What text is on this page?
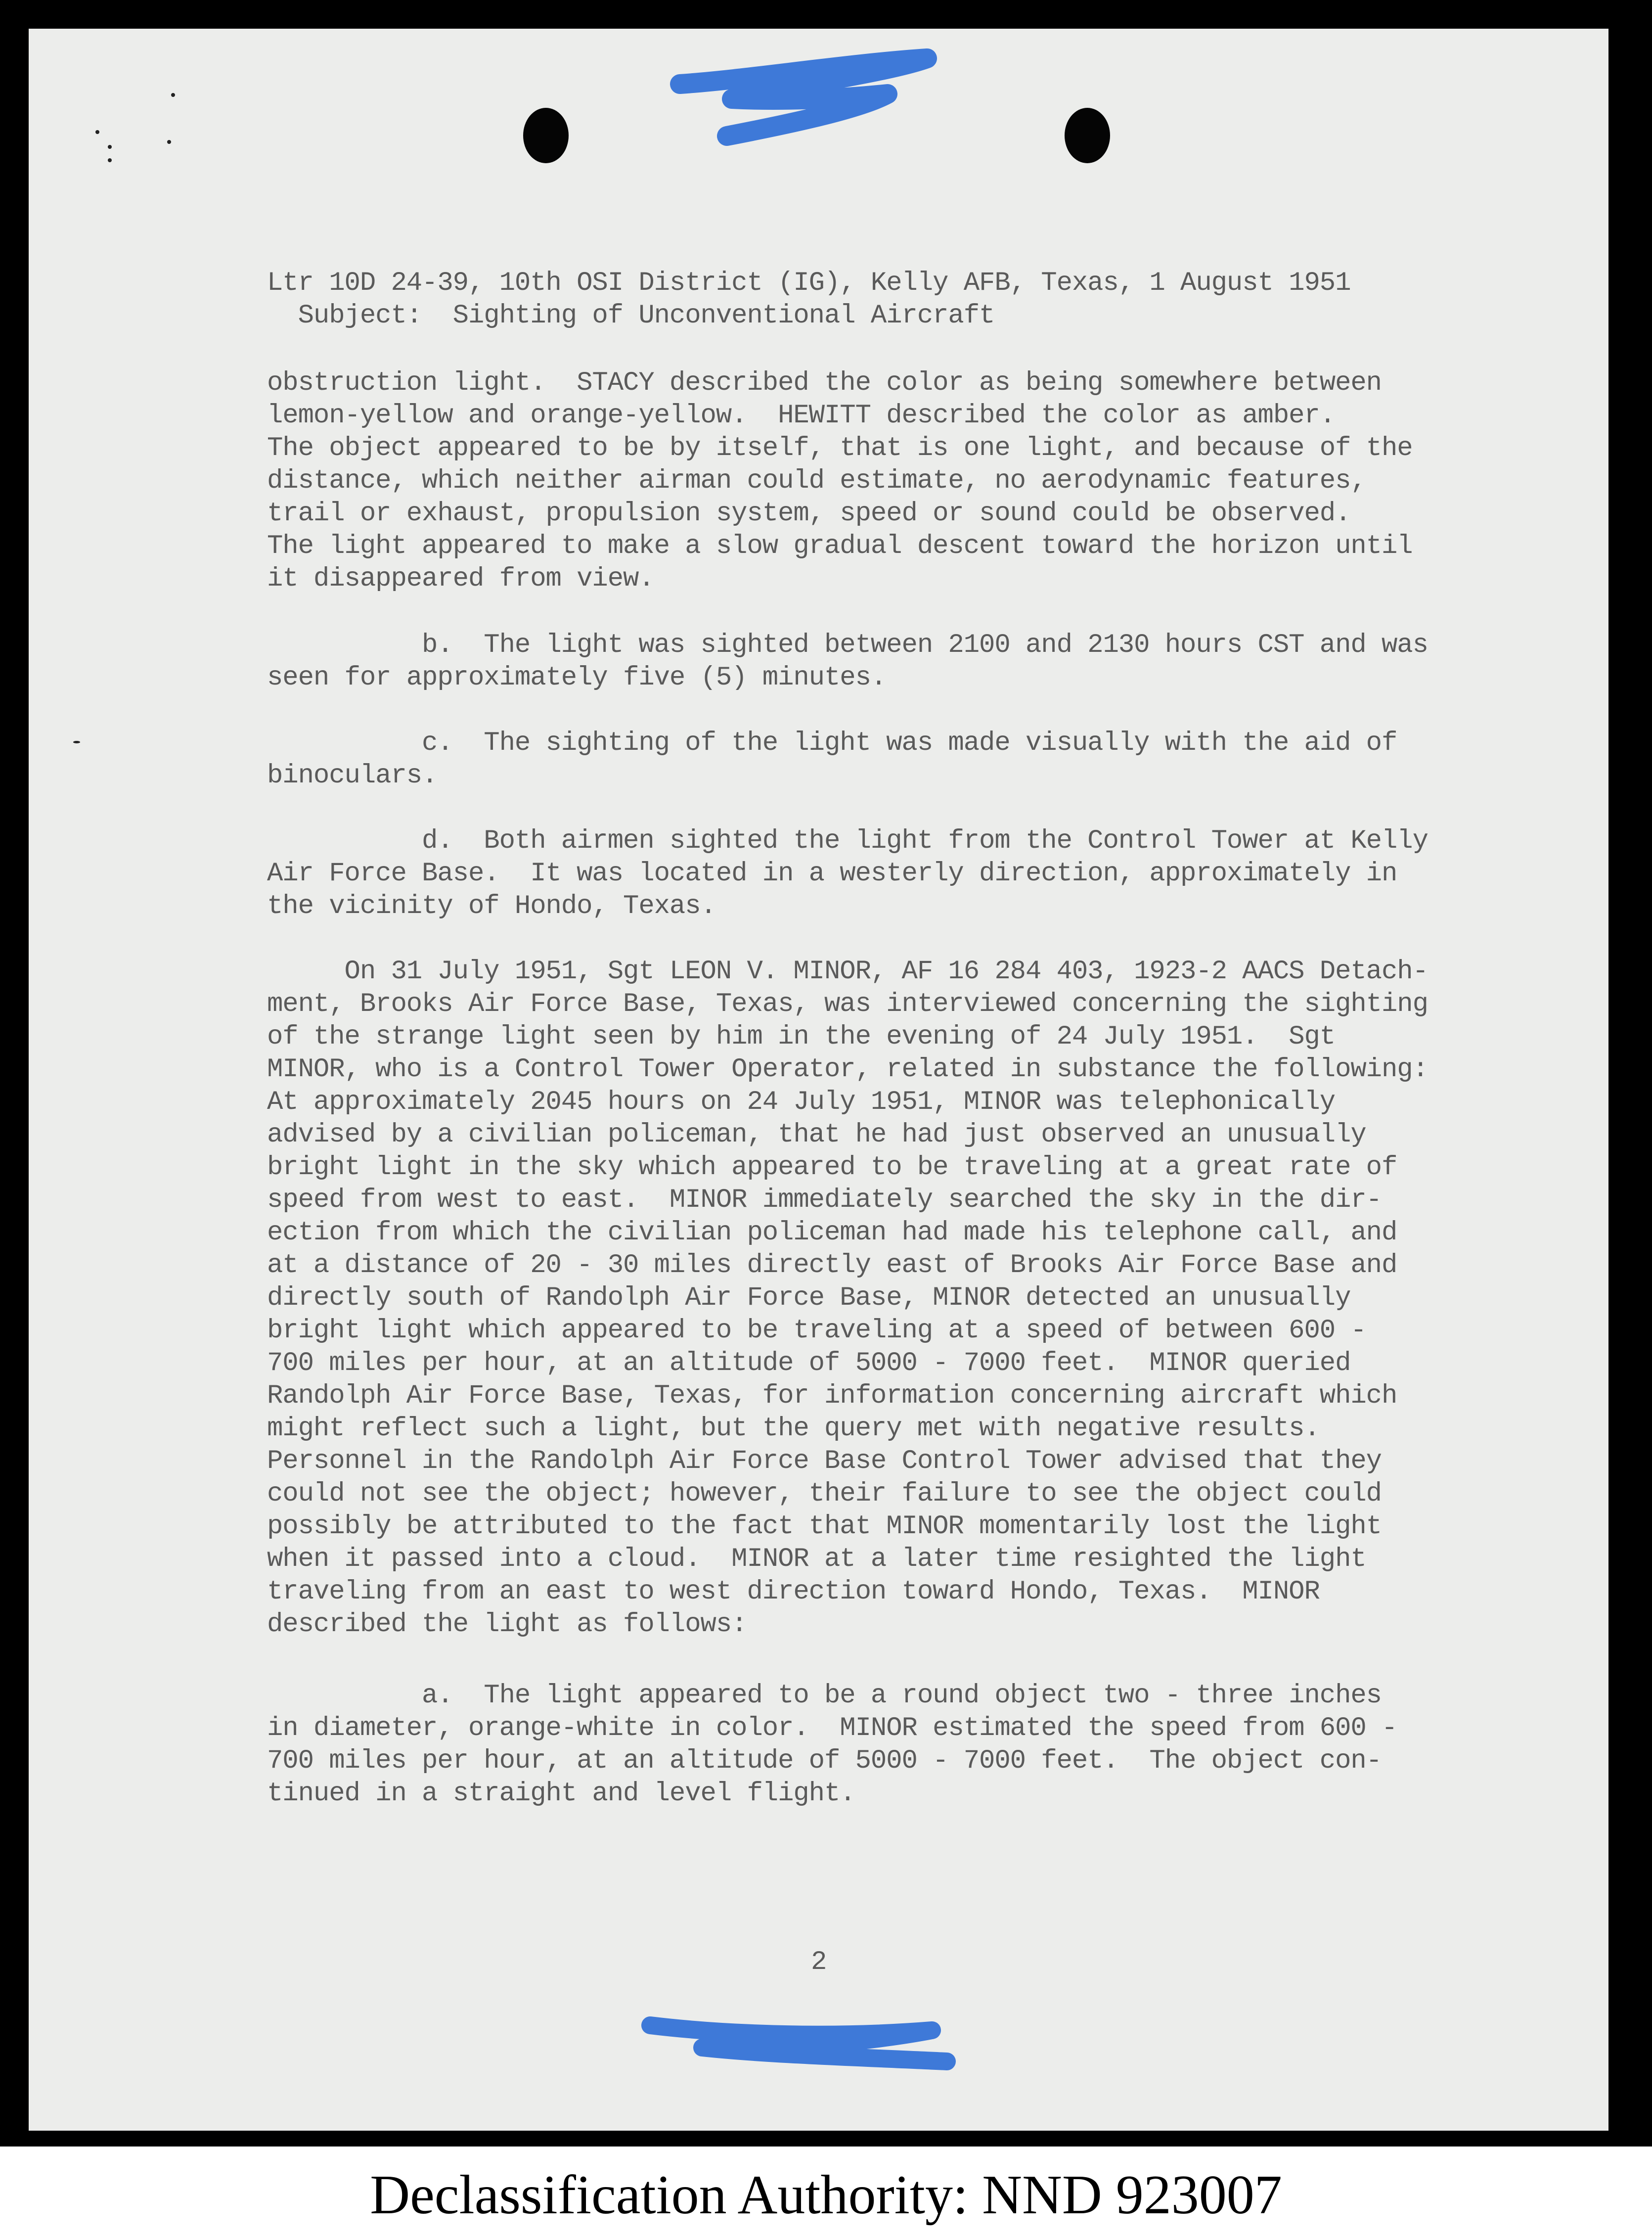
Ltr 10D 24-39, 10th OSI District (IG), Kelly AFB, Texas, 1 August 1951
Subject:  Sighting of Unconventional Aircraft
obstruction light.  STACY described the color as being somewhere between
lemon-yellow and orange-yellow.  HEWITT described the color as amber.
The object appeared to be by itself, that is one light, and because of the
distance, which neither airman could estimate, no aerodynamic features,
trail or exhaust, propulsion system, speed or sound could be observed.
The light appeared to make a slow gradual descent toward the horizon until
it disappeared from view.
b.  The light was sighted between 2100 and 2130 hours CST and was
seen for approximately five (5) minutes.
c.  The sighting of the light was made visually with the aid of
binoculars.
d.  Both airmen sighted the light from the Control Tower at Kelly
Air Force Base.  It was located in a westerly direction, approximately in
the vicinity of Hondo, Texas.
On 31 July 1951, Sgt LEON V. MINOR, AF 16 284 403, 1923-2 AACS Detach-
ment, Brooks Air Force Base, Texas, was interviewed concerning the sighting
of the strange light seen by him in the evening of 24 July 1951.  Sgt
MINOR, who is a Control Tower Operator, related in substance the following:
At approximately 2045 hours on 24 July 1951, MINOR was telephonically
advised by a civilian policeman, that he had just observed an unusually
bright light in the sky which appeared to be traveling at a great rate of
speed from west to east.  MINOR immediately searched the sky in the dir-
ection from which the civilian policeman had made his telephone call, and
at a distance of 20 - 30 miles directly east of Brooks Air Force Base and
directly south of Randolph Air Force Base, MINOR detected an unusually
bright light which appeared to be traveling at a speed of between 600 -
700 miles per hour, at an altitude of 5000 - 7000 feet.  MINOR queried
Randolph Air Force Base, Texas, for information concerning aircraft which
might reflect such a light, but the query met with negative results.
Personnel in the Randolph Air Force Base Control Tower advised that they
could not see the object; however, their failure to see the object could
possibly be attributed to the fact that MINOR momentarily lost the light
when it passed into a cloud.  MINOR at a later time resighted the light
traveling from an east to west direction toward Hondo, Texas.  MINOR
described the light as follows:
a.  The light appeared to be a round object two - three inches
in diameter, orange-white in color.  MINOR estimated the speed from 600 -
700 miles per hour, at an altitude of 5000 - 7000 feet.  The object con-
tinued in a straight and level flight.
2
Declassification Authority: NND 923007
